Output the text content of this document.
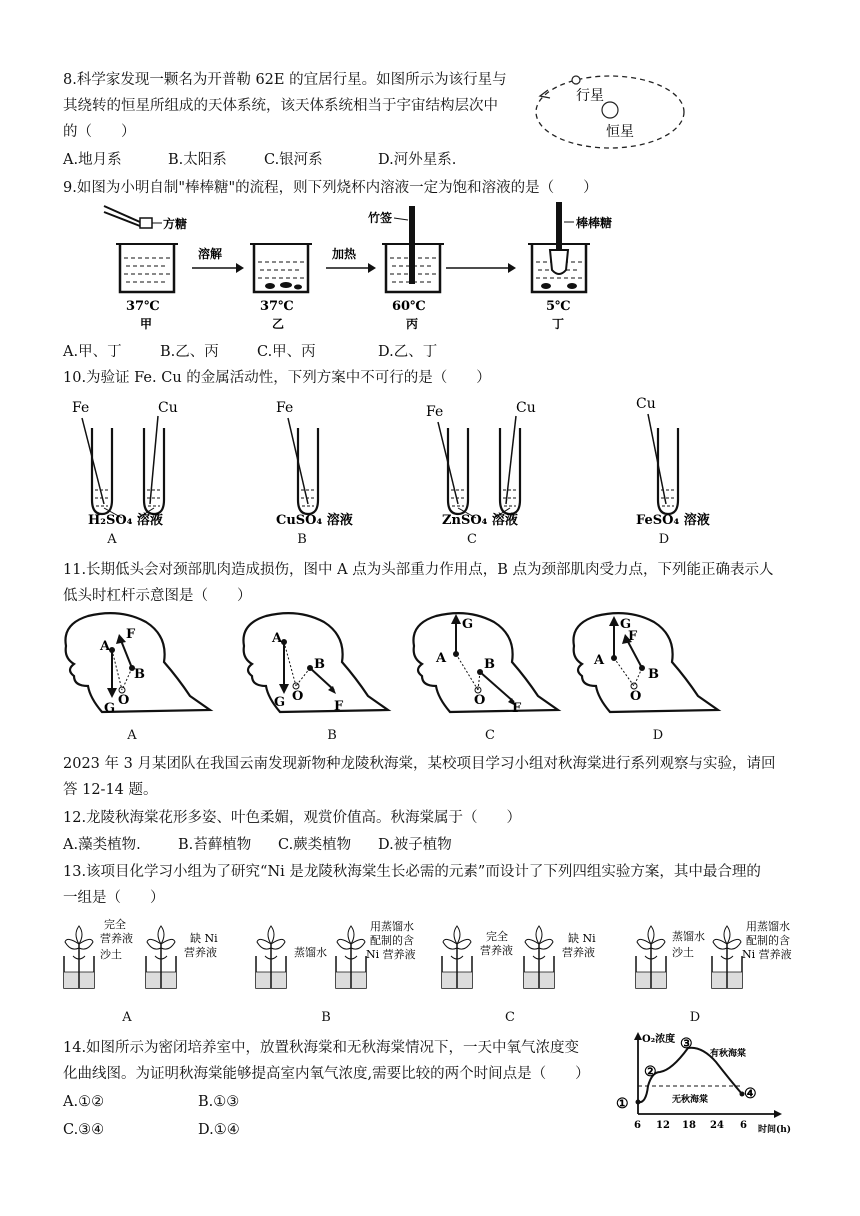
8.科学家发现一颗名为开普勒 62E 的宜居行星。如图所示为该行星与
其绕转的恒星所组成的天体系统，该天体系统相当于宇宙结构层次中
的（　　）
A.地月系	B.太阳系	C.银河系	D.河外星系.
行星
恒星
9.如图为小明自制"棒棒糖"的流程，则下列烧杯内溶液一定为饱和溶液的是（　　）
方糖
溶解	加热
竹签	棒棒糖
37℃	37℃	60℃	5℃
甲	乙	丙	丁
A.甲、丁	B.乙、丙	C.甲、丙	D.乙、丁
10.为验证 Fe. Cu 的金属活动性，下列方案中不可行的是（　　）
Fe	Cu
H₂SO₄ 溶液
Fe
CuSO₄ 溶液
Fe	Cu
ZnSO₄ 溶液
Cu
FeSO₄ 溶液
A	B	C	D
11.长期低头会对颈部肌肉造成损伤，图中 A 点为头部重力作用点，B 点为颈部肌肉受力点，下列能正确表示人
低头时杠杆示意图是（　　）
A
F
B
O
G
A
B
O
G	F
G
A	B
O
F
G
F
A
B
O
A	B	C	D
2023 年 3 月某团队在我国云南发现新物种龙陵秋海棠，某校项目学习小组对秋海棠进行系列观察与实验，请回
答 12-14 题。
12.龙陵秋海棠花形多姿、叶色柔媚，观赏价值高。秋海棠属于（　　）
A.藻类植物.	B.苔藓植物 C.蕨类植物 D.被子植物
13.该项目化学习小组为了研究“Ni 是龙陵秋海棠生长必需的元素”而设计了下列四组实验方案，其中最合理的
一组是（　　）
完全
营养液
沙土
缺 Ni
营养液	蒸馏水
用蒸馏水
配制的含
Ni 营养液
完全
营养液
缺 Ni
营养液
蒸馏水
沙土
用蒸馏水
配制的含
Ni 营养液
A	B	C	D
14.如图所示为密闭培养室中，放置秋海棠和无秋海棠情况下，一天中氧气浓度变
化曲线图。为证明秋海棠能够提高室内氧气浓度,需要比较的两个时间点是（　　）
A.①②	B.①③
C.③④	D.①④
O₂浓度
时间(h)
有秋海棠
无秋海棠
①
②
③
④
6 12 18 24 6
